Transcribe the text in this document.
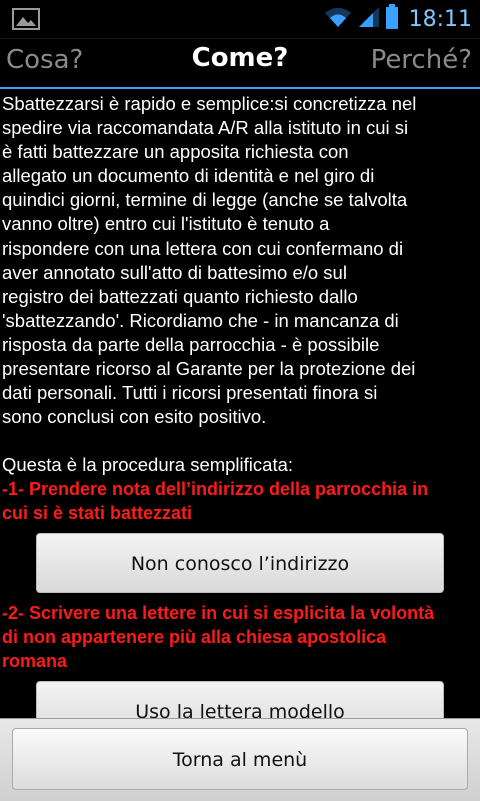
18:11
Cosa?	Come?	Perché?
Sbattezzarsi è rapido e semplice:si concretizza nel
spedire via raccomandata A/R alla istituto in cui si
è fatti battezzare un apposita richiesta con
allegato un documento di identità e nel giro di
quindici giorni, termine di legge (anche se talvolta
vanno oltre) entro cui l'istituto è tenuto a
rispondere con una lettera con cui confermano di
aver annotato sull'atto di battesimo e/o sul
registro dei battezzati quanto richiesto dallo
'sbattezzando'. Ricordiamo che - in mancanza di
risposta da parte della parrocchia - è possibile
presentare ricorso al Garante per la protezione dei
dati personali. Tutti i ricorsi presentati finora si
sono conclusi con esito positivo.
Questa è la procedura semplificata:
-1- Prendere nota dell’indirizzo della parrocchia in
cui si è stati battezzati
Non conosco l’indirizzo
-2- Scrivere una lettere in cui si esplicita la volontà
di non appartenere più alla chiesa apostolica
romana
Uso la lettera modello
Torna al menù
